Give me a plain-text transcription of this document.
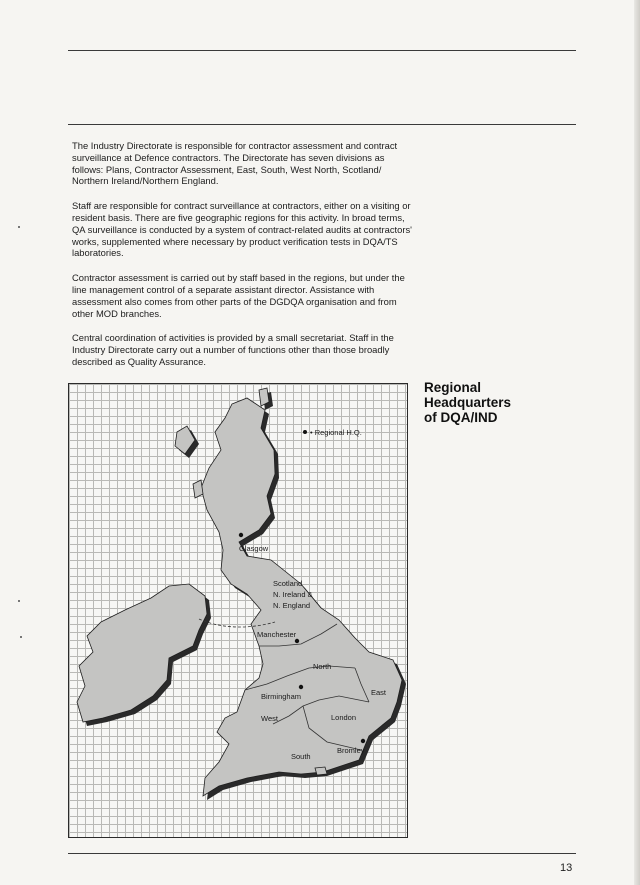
The Industry Directorate is responsible for contractor assessment and contract surveillance at Defence contractors. The Directorate has seven divisions as follows: Plans, Contractor Assessment, East, South, West North, Scotland/ Northern Ireland/Northern England.

Staff are responsible for contract surveillance at contractors, either on a visiting or resident basis. There are five geographic regions for this activity. In broad terms, QA surveillance is conducted by a system of contract-related audits at contractors' works, supplemented where necessary by product verification tests in DQA/TS laboratories.

Contractor assessment is carried out by staff based in the regions, but under the line management control of a separate assistant director. Assistance with assessment also comes from other parts of the DGDQA organisation and from other MOD branches.

Central coordination of activities is provided by a small secretariat. Staff in the Industry Directorate carry out a number of functions other than those broadly described as Quality Assurance.

Regional
Headquarters
of DQA/IND
• Regional H.Q.
Glasgow
Scotland
N. Ireland &
N. England
Manchester
North
Birmingham	East
West	London
Bromley
South
13
